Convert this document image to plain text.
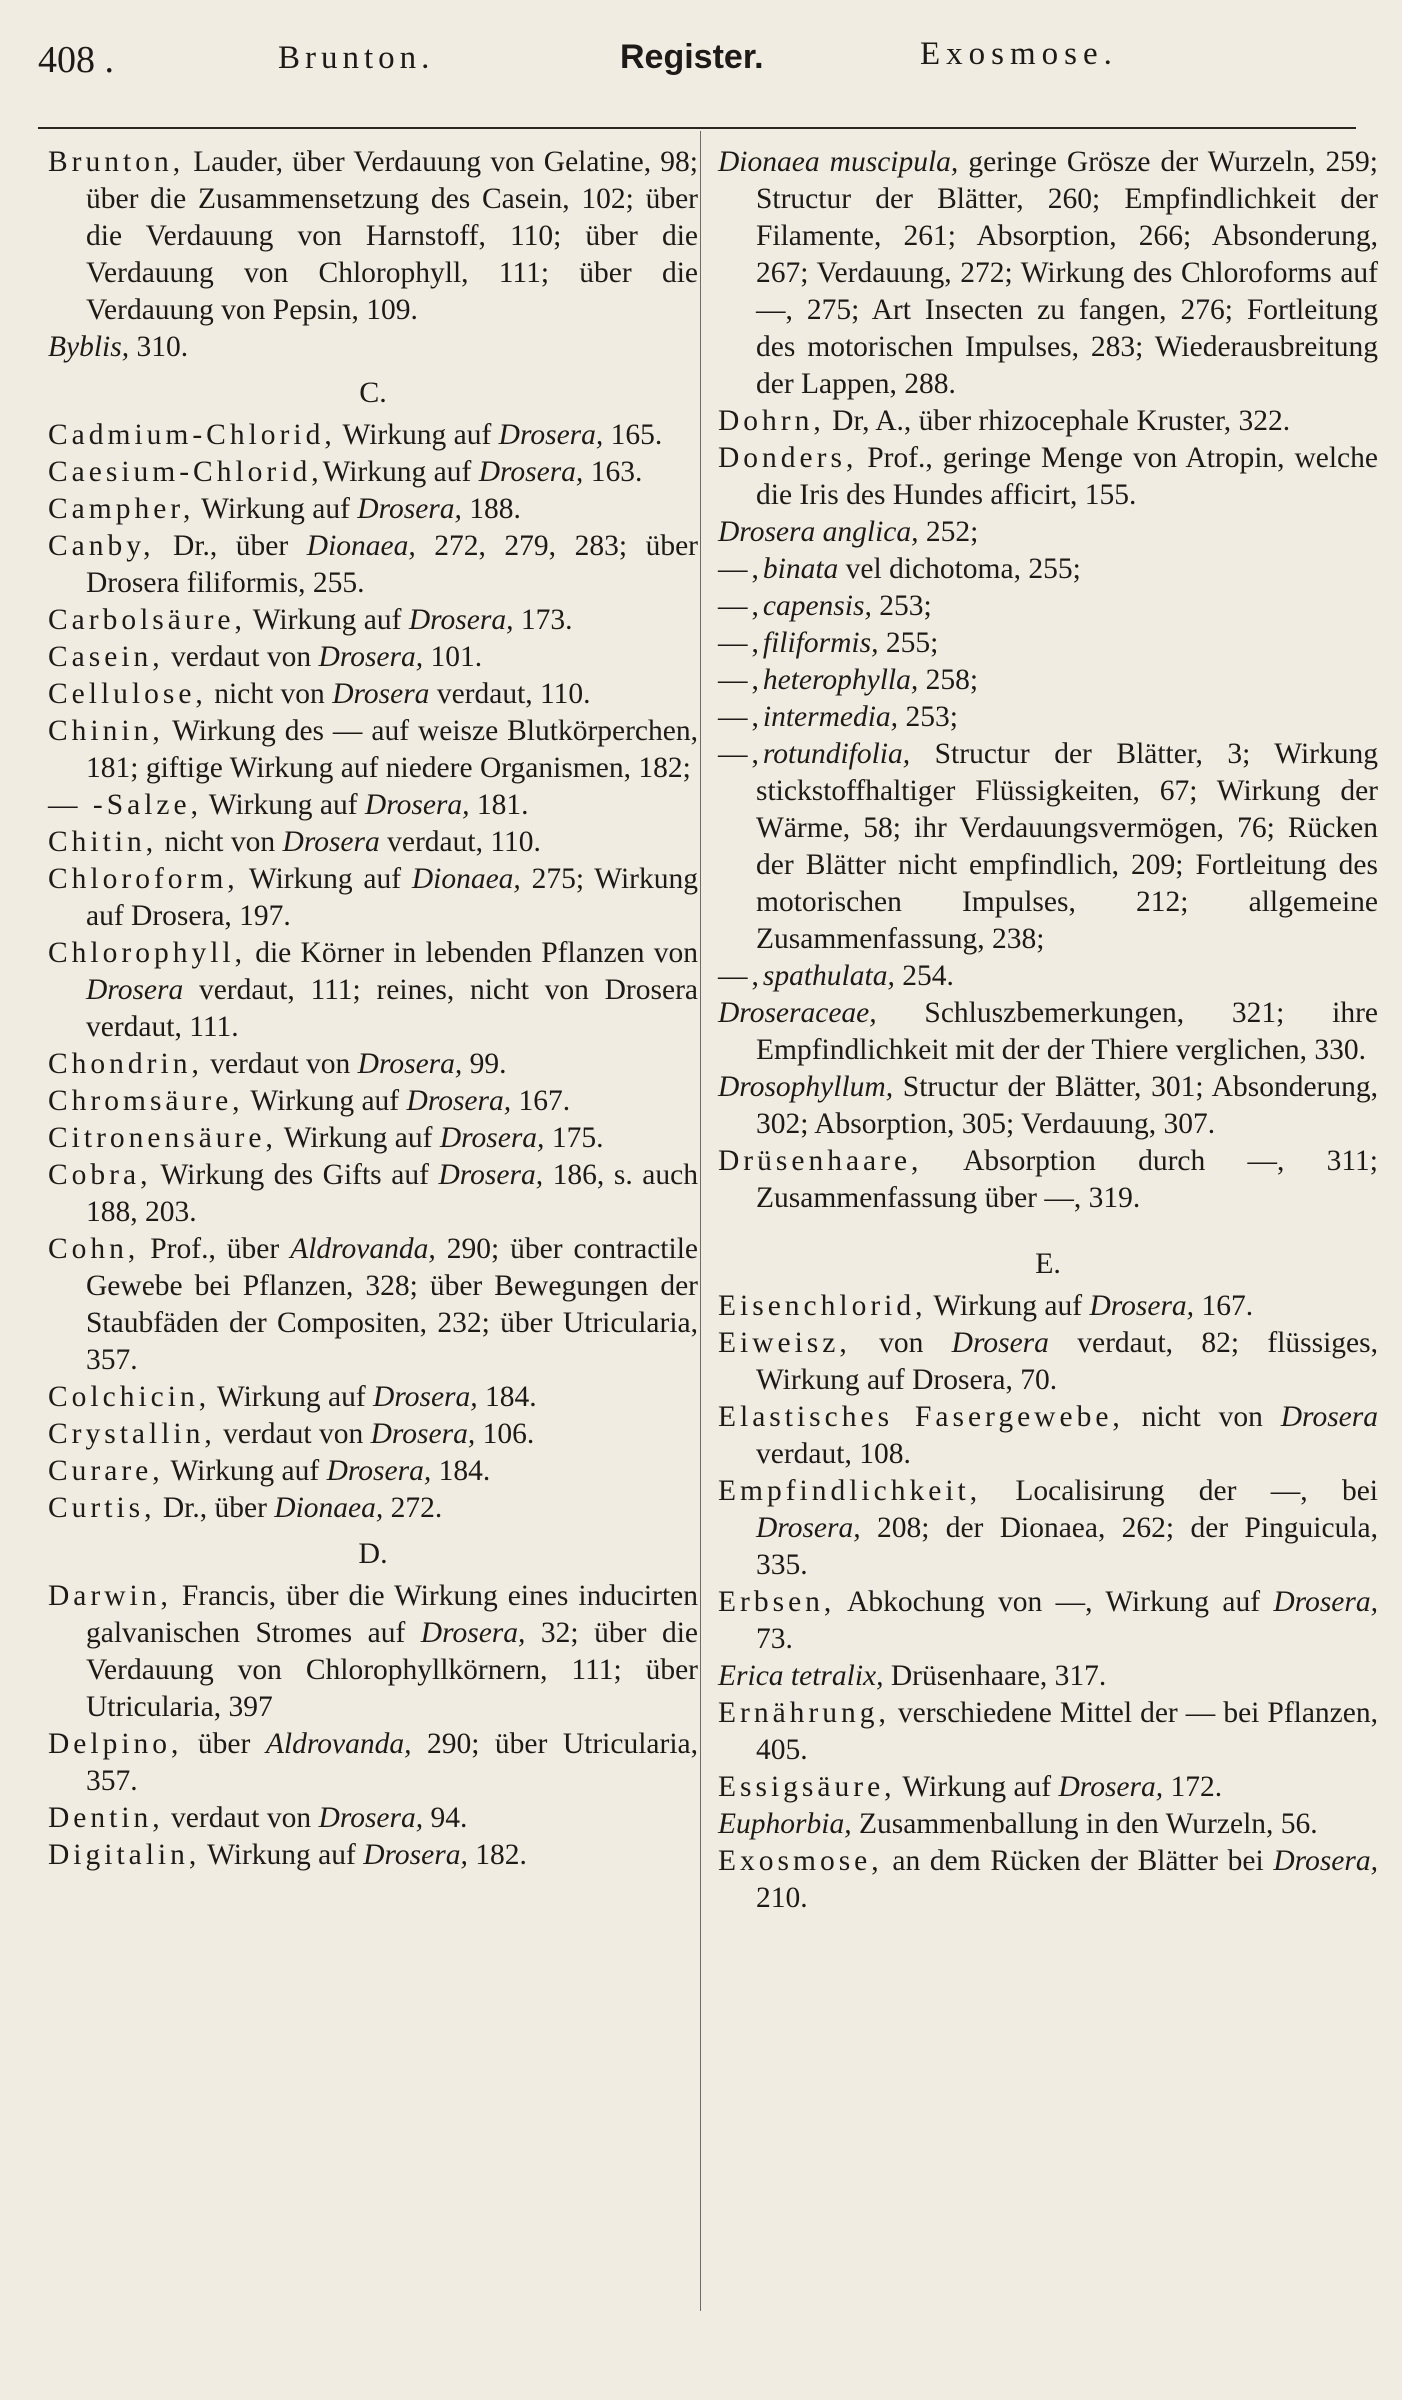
408 .	Brunton.	Register.	Exosmose.

Brunton, Lauder, über Verdauung von Gelatine, 98; über die Zusammensetzung des Casein, 102; über die Verdauung von Harnstoff, 110; über die Verdauung von Chlorophyll, 111; über die Verdauung von Pepsin, 109.

Byblis, 310.

C.

Cadmium-Chlorid, Wirkung auf Drosera, 165.

Caesium-Chlorid,Wirkung auf Drosera, 163.

Campher, Wirkung auf Drosera, 188.

Canby, Dr., über Dionaea, 272, 279, 283; über Drosera filiformis, 255.

Carbolsäure, Wirkung auf Drosera, 173.

Casein, verdaut von Drosera, 101.

Cellulose, nicht von Drosera verdaut, 110.

Chinin, Wirkung des — auf weisze Blutkörperchen, 181; giftige Wirkung auf niedere Organismen, 182;

— -Salze, Wirkung auf Drosera, 181.

Chitin, nicht von Drosera verdaut, 110.

Chloroform, Wirkung auf Dionaea, 275; Wirkung auf Drosera, 197.

Chlorophyll, die Körner in lebenden Pflanzen von Drosera verdaut, 111; reines, nicht von Drosera verdaut, 111.

Chondrin, verdaut von Drosera, 99.

Chromsäure, Wirkung auf Drosera, 167.

Citronensäure, Wirkung auf Drosera, 175.

Cobra, Wirkung des Gifts auf Drosera, 186, s. auch 188, 203.

Cohn, Prof., über Aldrovanda, 290; über contractile Gewebe bei Pflanzen, 328; über Bewegungen der Staubfäden der Compositen, 232; über Utricularia, 357.

Colchicin, Wirkung auf Drosera, 184.

Crystallin, verdaut von Drosera, 106.

Curare, Wirkung auf Drosera, 184.

Curtis, Dr., über Dionaea, 272.

D.

Darwin, Francis, über die Wirkung eines inducirten galvanischen Stromes auf Drosera, 32; über die Verdauung von Chlorophyllkörnern, 111; über Utricularia, 397

Delpino, über Aldrovanda, 290; über Utricularia, 357.

Dentin, verdaut von Drosera, 94.

Digitalin, Wirkung auf Drosera, 182.

Dionaea muscipula, geringe Grösze der Wurzeln, 259; Structur der Blätter, 260; Empfindlichkeit der Filamente, 261; Absorption, 266; Absonderung, 267; Verdauung, 272; Wirkung des Chloroforms auf —, 275; Art Insecten zu fangen, 276; Fortleitung des motorischen Impulses, 283; Wiederausbreitung der Lappen, 288.

Dohrn, Dr, A., über rhizocephale Kruster, 322.

Donders, Prof., geringe Menge von Atropin, welche die Iris des Hundes afficirt, 155.

Drosera anglica, 252;

—,binata vel dichotoma, 255;

—,capensis, 253;

—,filiformis, 255;

—,heterophylla, 258;

—,intermedia, 253;

—,rotundifolia, Structur der Blätter, 3; Wirkung stickstoffhaltiger Flüssigkeiten, 67; Wirkung der Wärme, 58; ihr Verdauungsvermögen, 76; Rücken der Blätter nicht empfindlich, 209; Fortleitung des motorischen Impulses, 212; allgemeine Zusammenfassung, 238;

—,spathulata, 254.

Droseraceae, Schluszbemerkungen, 321; ihre Empfindlichkeit mit der der Thiere verglichen, 330.

Drosophyllum, Structur der Blätter, 301; Absonderung, 302; Absorption, 305; Verdauung, 307.

Drüsenhaare, Absorption durch —, 311; Zusammenfassung über —, 319.

E.

Eisenchlorid, Wirkung auf Drosera, 167.

Eiweisz, von Drosera verdaut, 82; flüssiges, Wirkung auf Drosera, 70.

Elastisches Fasergewebe, nicht von Drosera verdaut, 108.

Empfindlichkeit, Localisirung der —, bei Drosera, 208; der Dionaea, 262; der Pinguicula, 335.

Erbsen, Abkochung von —, Wirkung auf Drosera, 73.

Erica tetralix, Drüsenhaare, 317.

Ernährung, verschiedene Mittel der — bei Pflanzen, 405.

Essigsäure, Wirkung auf Drosera, 172.

Euphorbia, Zusammenballung in den Wurzeln, 56.

Exosmose, an dem Rücken der Blätter bei Drosera, 210.
